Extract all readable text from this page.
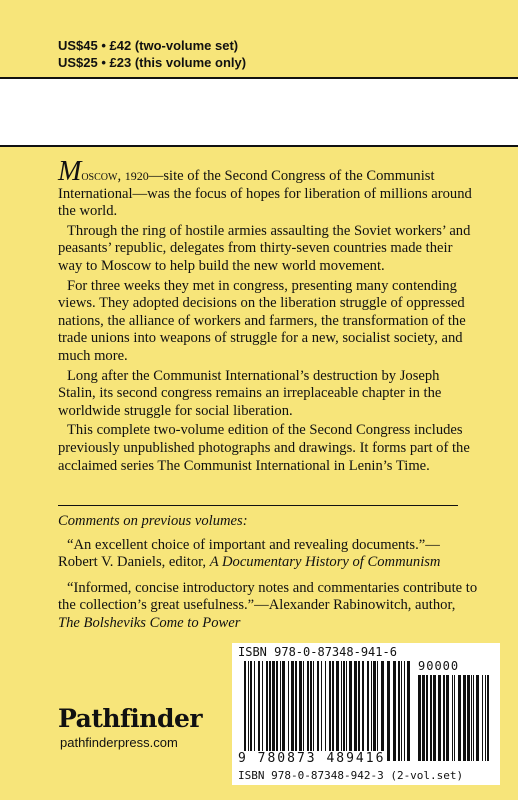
US$45 • £42 (two-volume set)
US$25 • £23 (this volume only)

Moscow, 1920—site of the Second Congress of the Communist International—was the focus of hopes for liberation of millions around the world.

Through the ring of hostile armies assaulting the Soviet workers’ and peasants’ republic, delegates from thirty-seven countries made their way to Moscow to help build the new world movement.

For three weeks they met in congress, presenting many contending views. They adopted decisions on the liberation struggle of oppressed nations, the alliance of workers and farmers, the transformation of the trade unions into weapons of struggle for a new, socialist society, and much more.

Long after the Communist International’s destruction by Joseph Stalin, its second congress remains an irreplaceable chapter in the worldwide struggle for social liberation.

This complete two-volume edition of the Second Congress includes previously unpublished photographs and drawings. It forms part of the acclaimed series The Communist International in Lenin’s Time.

Comments on previous volumes:

“An excellent choice of important and revealing documents.”—Robert V. Daniels, editor, A Documentary History of Communism

“Informed, concise introductory notes and commentaries contribute to the collection’s great usefulness.”—Alexander Rabinowitch, author, The Bolsheviks Come to Power

Pathfinder
pathfinderpress.com
ISBN 978-0-87348-941-6
90000
9 780873 489416
ISBN 978-0-87348-942-3 (2-vol.set)
